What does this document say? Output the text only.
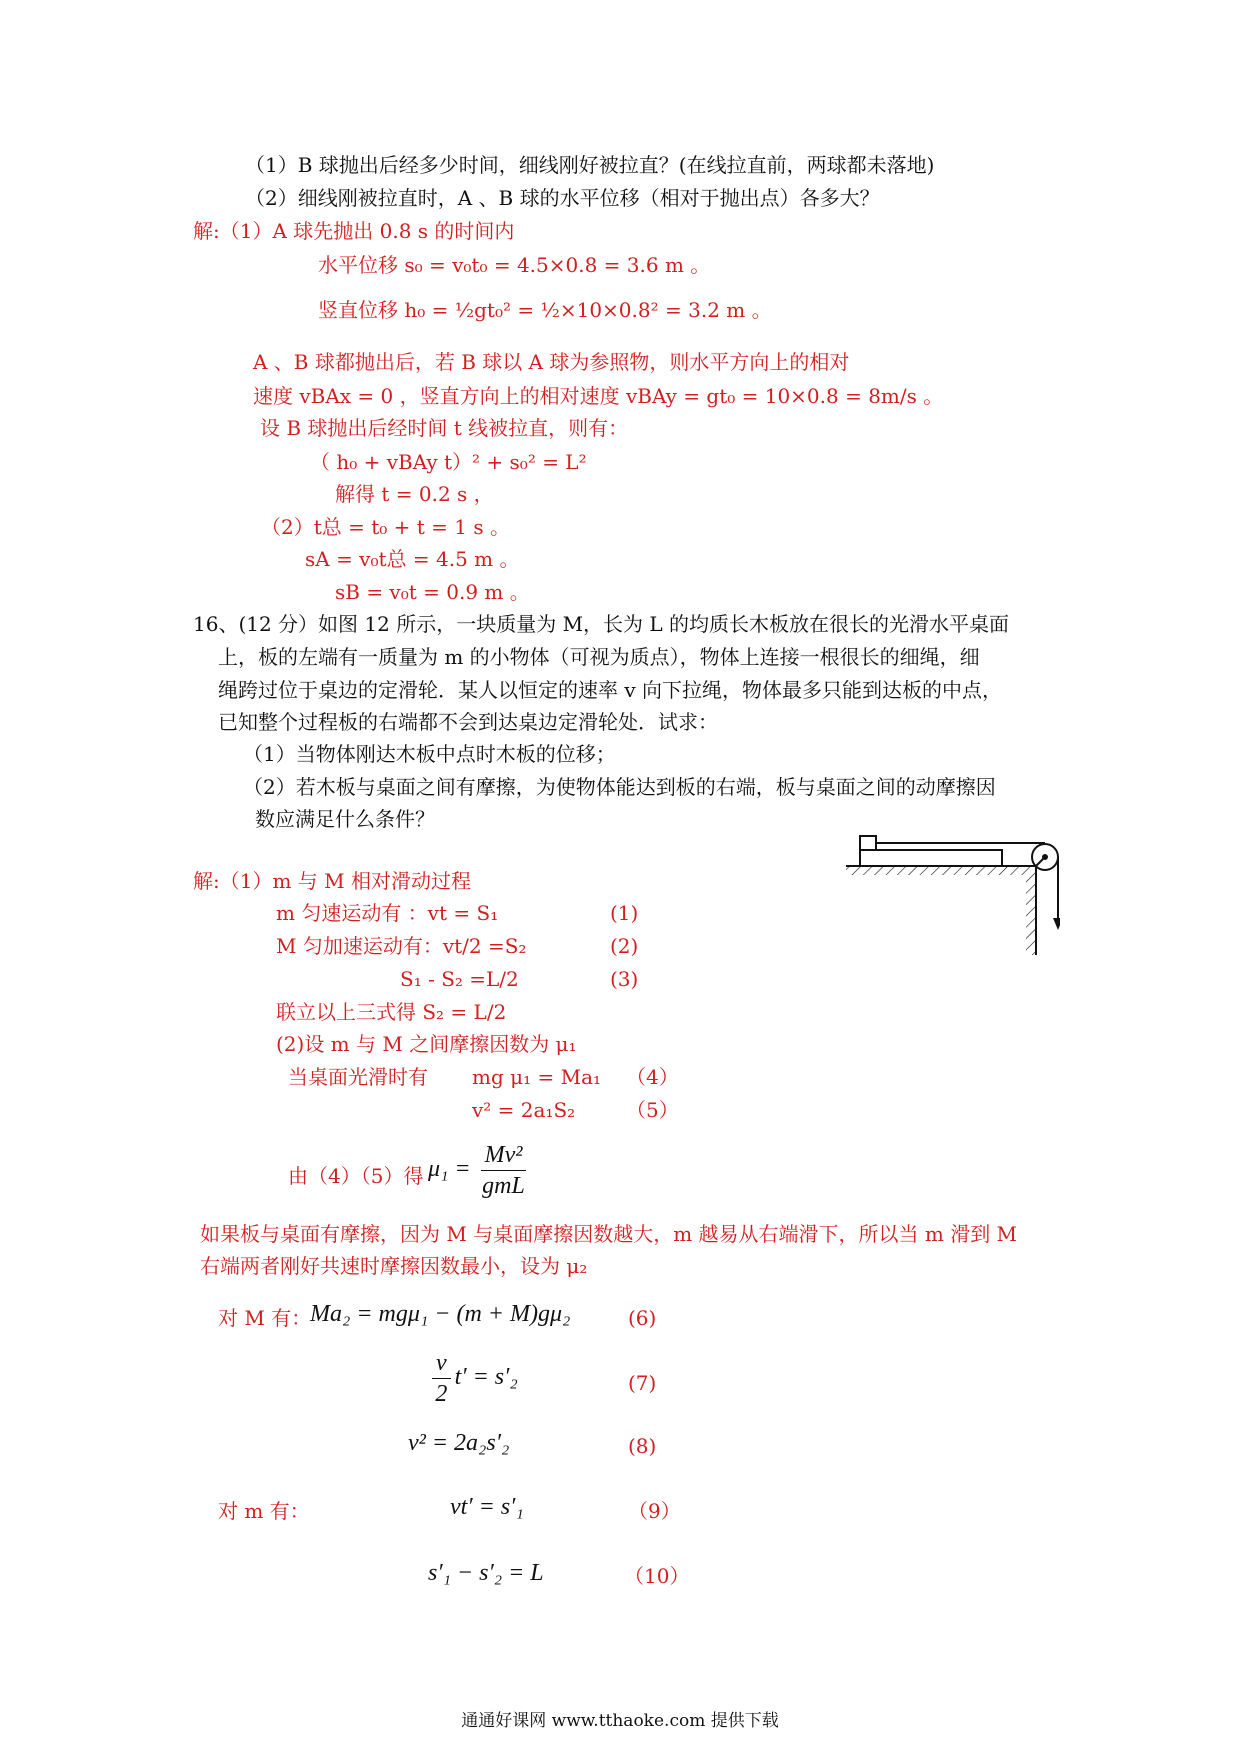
（1）B 球抛出后经多少时间，细线刚好被拉直？(在线拉直前，两球都未落地)
（2）细线刚被拉直时，A 、B 球的水平位移（相对于抛出点）各多大？
解:（1）A 球先抛出 0.8 s 的时间内
水平位移 s₀ = v₀t₀ = 4.5×0.8 = 3.6 m 。
竖直位移 h₀ = ½gt₀² = ½×10×0.8² = 3.2 m 。
A 、B 球都抛出后，若 B 球以 A 球为参照物，则水平方向上的相对
速度 vBAx = 0 ，竖直方向上的相对速度 vBAy = gt₀ = 10×0.8 = 8m/s 。
设 B 球抛出后经时间 t 线被拉直，则有：
（ h₀ + vBAy t）² + s₀² = L²
解得 t = 0.2 s ，
（2）t总 = t₀ + t = 1 s 。
sA = v₀t总 = 4.5 m 。
sB = v₀t = 0.9 m 。
16、(12 分）如图 12 所示，一块质量为 M，长为 L 的均质长木板放在很长的光滑水平桌面
上，板的左端有一质量为 m 的小物体（可视为质点），物体上连接一根很长的细绳，细
绳跨过位于桌边的定滑轮．某人以恒定的速率 v 向下拉绳，物体最多只能到达板的中点，
已知整个过程板的右端都不会到达桌边定滑轮处．试求：
（1）当物体刚达木板中点时木板的位移；
（2）若木板与桌面之间有摩擦，为使物体能达到板的右端，板与桌面之间的动摩擦因
数应满足什么条件？
解:（1）m 与 M 相对滑动过程
m 匀速运动有 ：vt = S₁	(1)
M 匀加速运动有：vt/2 =S₂	(2)
S₁ - S₂ =L/2	(3)
联立以上三式得 S₂ = L/2
(2)设 m 与 M 之间摩擦因数为 μ₁
当桌面光滑时有 mg μ₁ = Ma₁ （4）
v² = 2a₁S₂	（5）
由（4）（5）得 $\mu_1 = \frac{\text{Mv²}}{\text{gmL}}$
如果板与桌面有摩擦，因为 M 与桌面摩擦因数越大，m 越易从右端滑下，所以当 m 滑到 M
右端两者刚好共速时摩擦因数最小，设为 μ₂
对 M 有：
Ma₂ = mgμ₁ − (m + M)gμ₂	(6)
$\frac{v}{2} t' = s'_2$	(7)
v² = 2a₂s′₂	(8)
对 m 有：	vt′ = s′₁	（9）
s′₁ − s′₂ = L	（10）
通通好课网 www.tthaoke.com 提供下载
